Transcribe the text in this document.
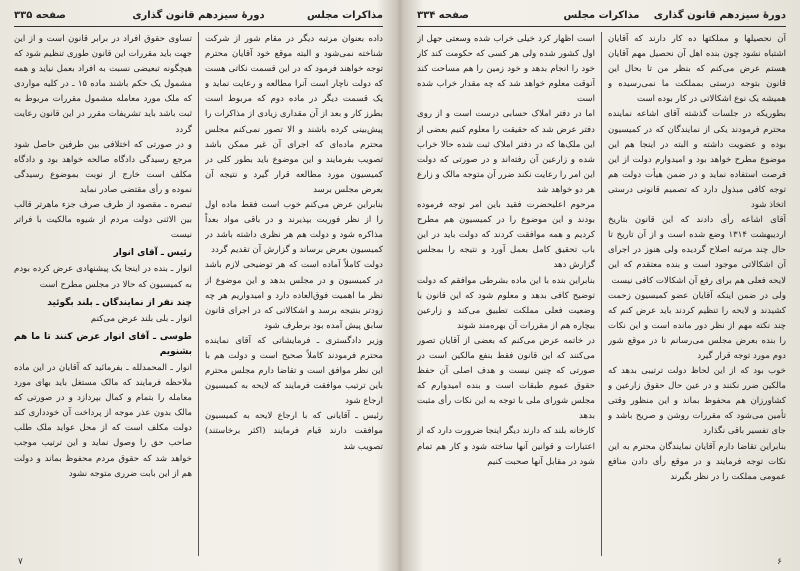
مذاکرات مجلس
دورهٔ سیزدهم قانون گذاری
صفحه ۳۳۵

داده بعنوان مرتبه دیگر در مقام شور از شرکت شناخته نمی‌شود و البته موقع خود آقایان محترم توجه خواهند فرمود که در این قسمت نکاتی هست که دولت ناچار است آنرا مطالعه و رعایت نماید و یک قسمت دیگر در ماده دوم که مربوط است بطرز کار و بعد از آن مقداری زیادی از مذاکرات را پیش‌بینی کرده باشند و الا تصور نمی‌کنم مجلس محترم ماده‌ای که اجرای آن غیر ممکن باشد تصویب بفرمایند و این موضوع باید بطور کلی در کمیسیون مورد مطالعه قرار گیرد و نتیجه آن بعرض مجلس برسد

بنابراین عرض می‌کنم خوب است فقط ماده اول را از نظر فوریت بپذیرند و در باقی مواد بعداً مذاکره شود و دولت هم هر نظری داشته باشد در کمیسیون بعرض برساند و گزارش آن تقدیم گردد

دولت کاملاً آماده است که هر توضیحی لازم باشد در کمیسیون و در مجلس بدهد و این موضوع از نظر ما اهمیت فوق‌العاده دارد و امیدواریم هر چه زودتر بنتیجه برسد و اشکالاتی که در اجرای قانون سابق پیش آمده بود برطرف شود

وزیر دادگستری ـ فرمایشاتی که آقای نماینده محترم فرمودند کاملاً صحیح است و دولت هم با این نظر موافق است و تقاضا دارم مجلس محترم باین ترتیب موافقت فرمایند که لایحه به کمیسیون ارجاع شود

رئیس ـ آقایانی که با ارجاع لایحه به کمیسیون موافقت دارند قیام فرمایند (اکثر برخاستند) تصویب شد

تساوی حقوق افراد در برابر قانون است و از این جهت باید مقررات این قانون طوری تنظیم شود که هیچگونه تبعیضی نسبت به افراد بعمل نیاید و همه مشمول یک حکم باشند ماده ۱۵ ـ در کلیه مواردی که ملک مورد معامله مشمول مقررات مربوط به ثبت باشد باید تشریفات مقرر در این قانون رعایت گردد

و در صورتی که اختلافی بین طرفین حاصل شود مرجع رسیدگی دادگاه صالحه خواهد بود و دادگاه مکلف است خارج از نوبت بموضوع رسیدگی نموده و رأی مقتضی صادر نماید

تبصره ـ مقصود از طرف صرف جزء ماهرتر قالب بین الاثنی دولت مردم از شیوه مالکیت با فراتر نیست

رئیس ـ آقای انوار

انوار ـ بنده در اینجا یک پیشنهادی عرض کرده بودم به کمیسیون که حالا در مجلس مطرح است

چند نفر از نمایندگان ـ بلند بگوئید

انوار ـ بلی بلند عرض می‌کنم

طوسی ـ آقای انوار عرض کنند تا ما هم بشنویم

انوار ـ المحمدلله ـ بفرمائید که آقایان در این ماده ملاحظه فرمایند که مالک مستغل باید بهای مورد معامله را بتمام و کمال بپردازد و در صورتی که مالک بدون عذر موجه از پرداخت آن خودداری کند دولت مکلف است که از محل عواید ملک طلب صاحب حق را وصول نماید و این ترتیب موجب خواهد شد که حقوق مردم محفوظ بماند و دولت هم از این بابت ضرری متوجه نشود

۷
دورهٔ سیزدهم قانون گذاری
مذاکرات مجلس
صفحه ۳۳۴

آن نحصیلها و مملکتها ده کار دارند که آقایان اشتباه نشود چون بنده اهل آن نحصیل مهم آقایان هستم عرض می‌کنم که بنظر من تا بحال این قانون بتوجه درستی بمملکت ما نمی‌رسیده و همیشه یک نوع اشکالاتی در کار بوده است

بطوریکه در جلسات گذشته آقای اشاعه نماینده محترم فرمودند یکی از نمایندگان که در کمیسیون بوده و عضویت داشته و البته در اینجا هم این موضوع مطرح خواهد بود و امیدوارم دولت از این فرصت استفاده نماید و در ضمن هیأت دولت هم توجه کافی مبذول دارد که تصمیم قانونی درستی اتخاذ شود

آقای اشاعه رأی دادند که این قانون بتاریخ اردیبهشت ۱۳۱۴ وضع شده است و از آن تاریخ تا حال چند مرتبه اصلاح گردیده ولی هنوز در اجرای آن اشکالاتی موجود است و بنده معتقدم که این لایحه فعلی هم برای رفع آن اشکالات کافی نیست

ولی در ضمن اینکه آقایان عضو کمیسیون زحمت کشیدند و لایحه را تنظیم کردند باید عرض کنم که چند نکته مهم از نظر دور مانده است و این نکات را بنده بعرض مجلس می‌رسانم تا در موقع شور دوم مورد توجه قرار گیرد

خوب بود که از این لحاظ دولت ترتیبی بدهد که مالکین ضرر نکنند و در عین حال حقوق زارعین و کشاورزان هم محفوظ بماند و این منظور وقتی تأمین می‌شود که مقررات روشن و صریح باشد و جای تفسیر باقی نگذارد

بنابراین تقاضا دارم آقایان نمایندگان محترم به این نکات توجه فرمایند و در موقع رأی دادن منافع عمومی مملکت را در نظر بگیرند

است اظهار کرد خیلی خراب شده وسعتی جهل از اول کشور شده ولی هر کسی که حکومت کند کار خود را انجام بدهد و خود زمین را هم مساحت کند آنوقت معلوم خواهد شد که چه مقدار خراب شده است

اما در دفتر املاک حسابی درست است و از روی دفتر عرض شد که حقیقت را معلوم کنیم بعضی از این ملک‌ها که در دفتر املاک ثبت شده حالا خراب شده و زارعین آن رفته‌اند و در صورتی که دولت این امر را رعایت نکند ضرر آن متوجه مالک و زارع هر دو خواهد شد

مرحوم اعلیحضرت فقید باین امر توجه فرموده بودند و این موضوع را در کمیسیون هم مطرح کردیم و همه موافقت کردند که دولت باید در این باب تحقیق کامل بعمل آورد و نتیجه را بمجلس گزارش دهد

بنابراین بنده با این ماده بشرطی موافقم که دولت توضیح کافی بدهد و معلوم شود که این قانون با وضعیت فعلی مملکت تطبیق می‌کند و زارعین بیچاره هم از مقررات آن بهره‌مند شوند

در خاتمه عرض می‌کنم که بعضی از آقایان تصور می‌کنند که این قانون فقط بنفع مالکین است در صورتی که چنین نیست و هدف اصلی آن حفظ حقوق عموم طبقات است و بنده امیدوارم که مجلس شورای ملی با توجه به این نکات رأی مثبت بدهد

کارخانه بلند که دارند دیگر اینجا ضرورت دارد که از اعتبارات و قوانین آنها ساخته شود و کار هم تمام شود در مقابل آنها صحبت کنیم

۶
